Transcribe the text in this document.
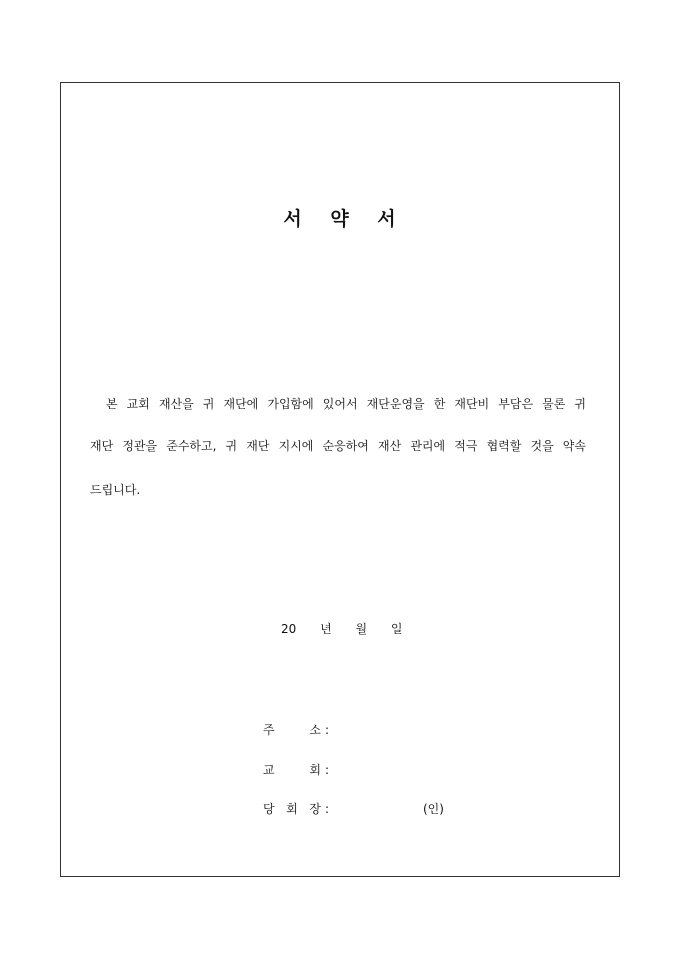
서 약 서
본 교회 재산을 귀 재단에 가입함에 있어서 재단운영을 한 재단비 부담은 물론 귀
재단 정관을 준수하고, 귀 재단 지시에 순응하여 재산 관리에 적극 협력할 것을 약속
드립니다.
20 년 월 일
주 소 :
교 회 :
당 회 장 :	(인)
